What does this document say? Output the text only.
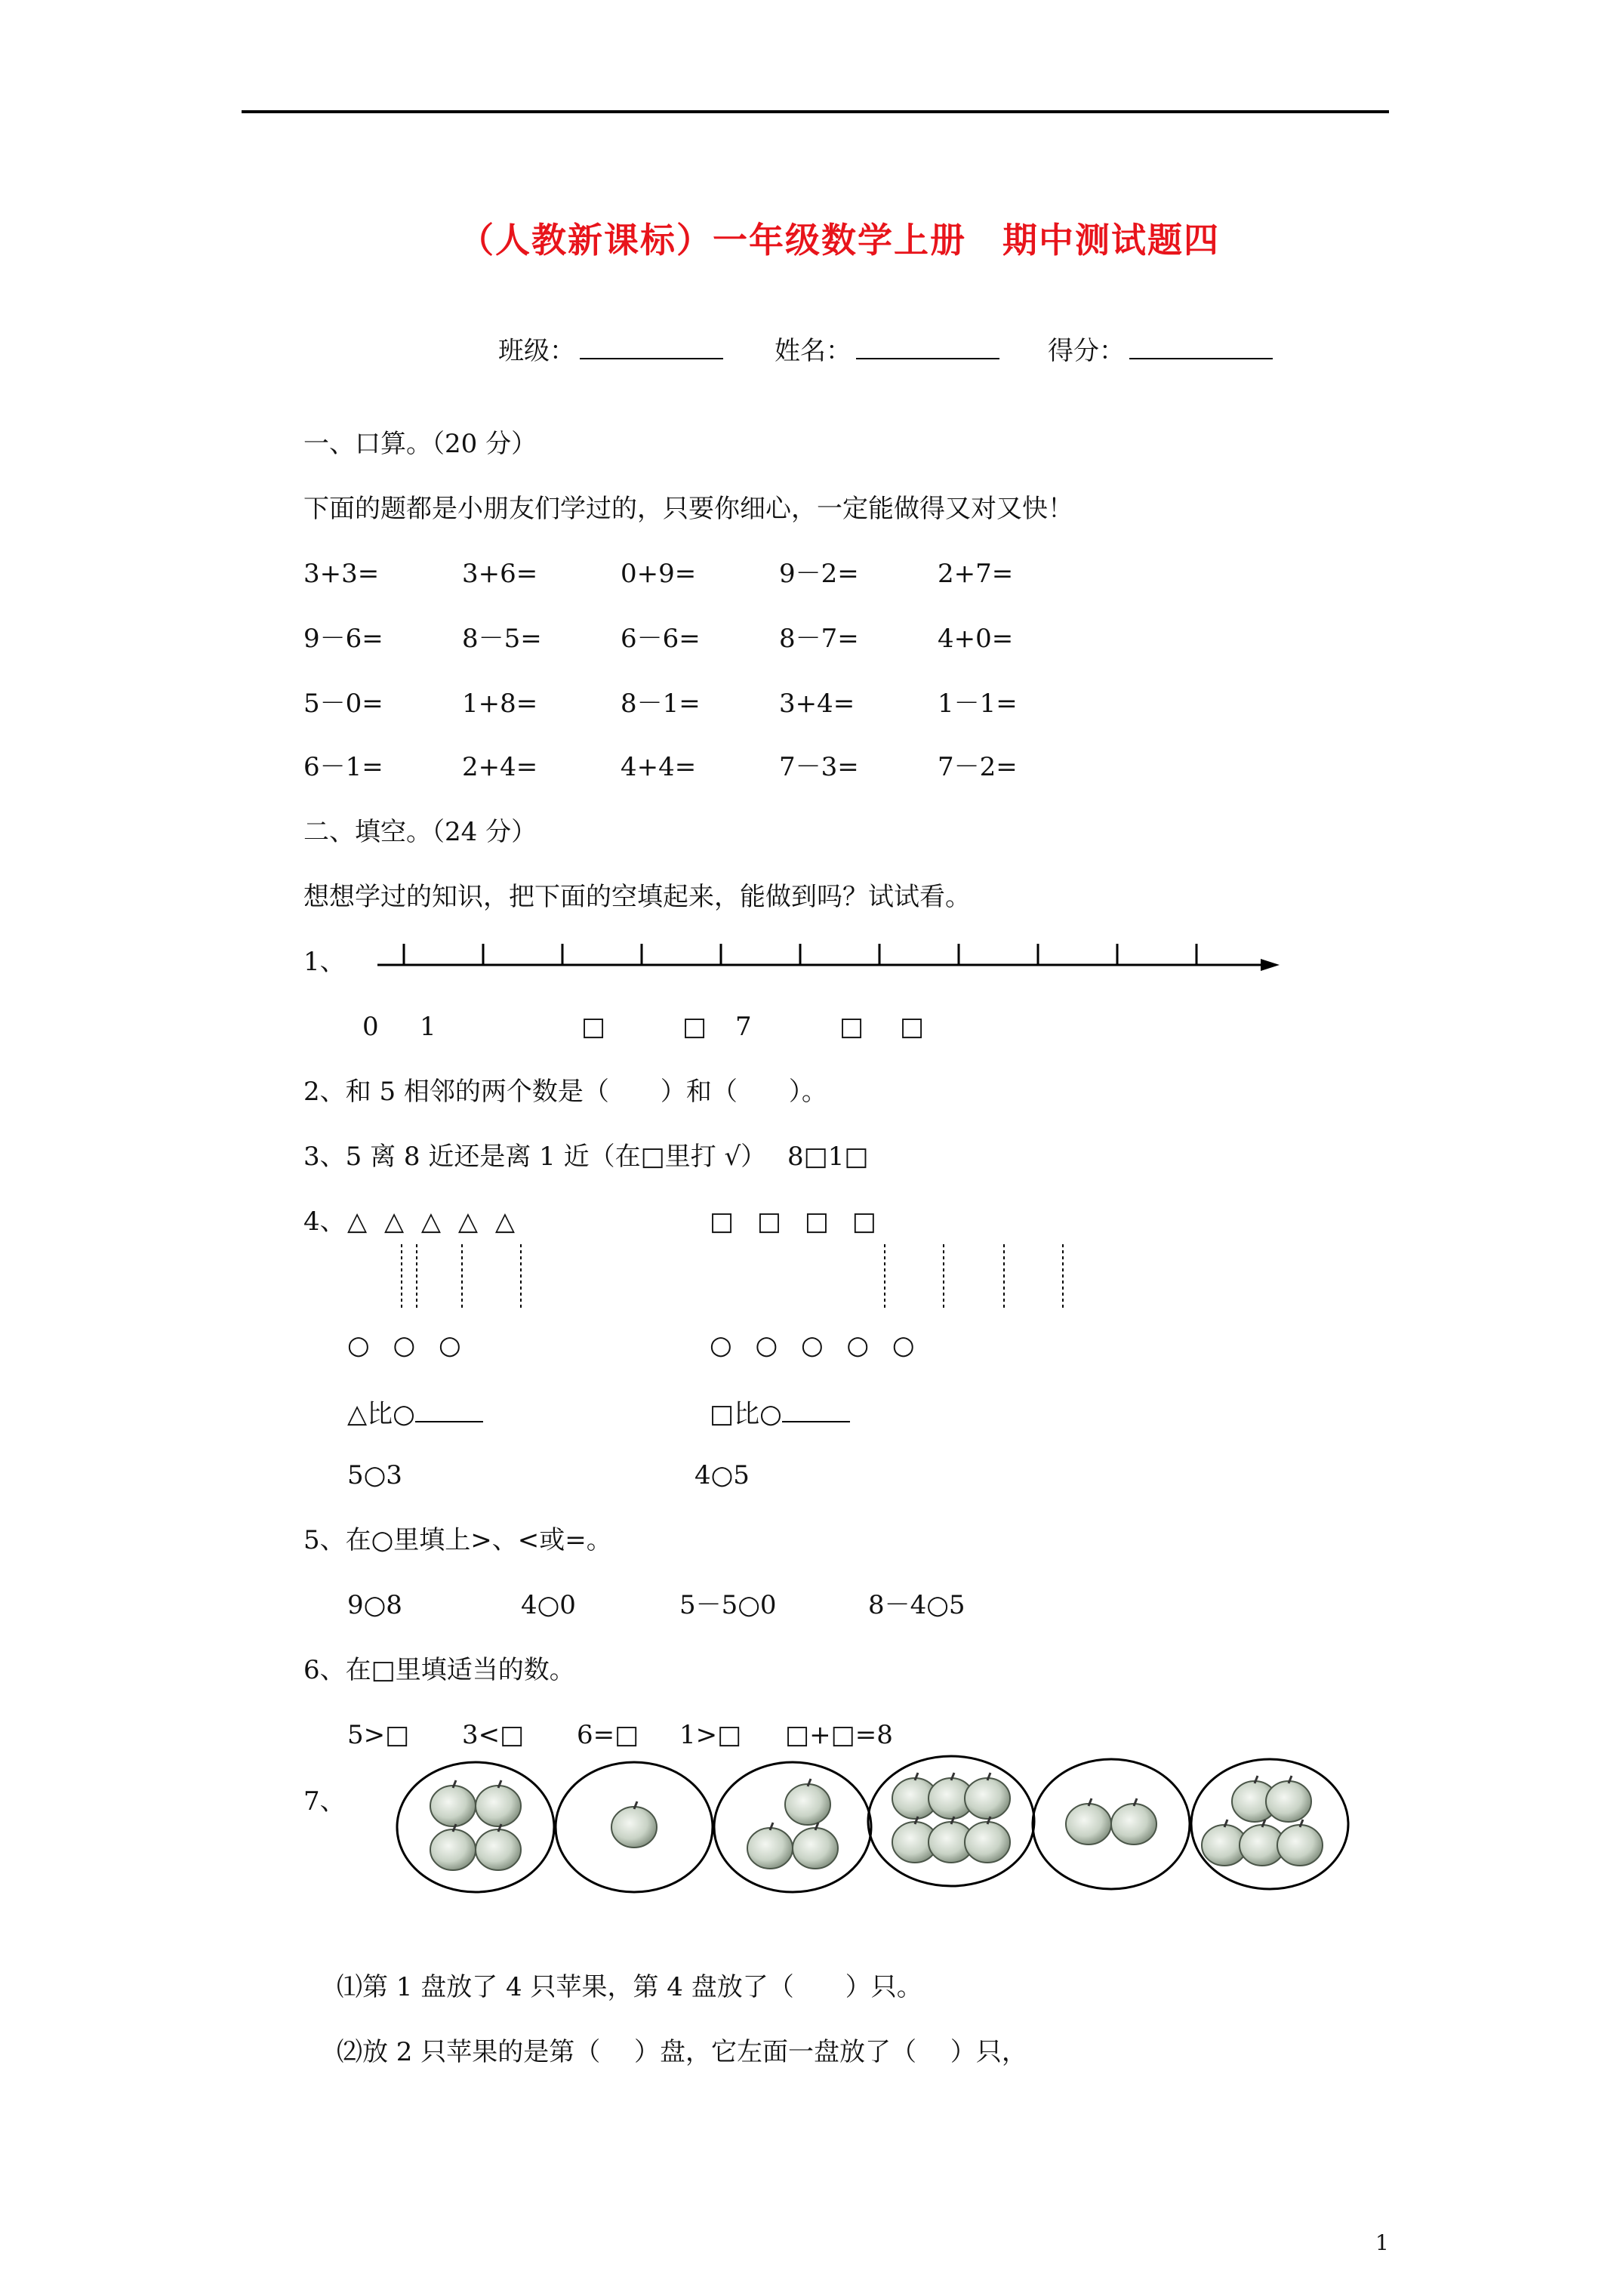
（人教新课标）一年级数学上册　期中测试题四
班级：	姓名：	得分：
一、口算。（20 分）
下面的题都是小朋友们学过的，只要你细心，一定能做得又对又快！
3+3=	3+6=	0+9=	9－2=	2+7=
9－6=	8－5=	6－6=	8－7=	4+0=
5－0=	1+8=	8－1=	3+4=	1－1=
6－1=	2+4=	4+4=	7－3=	7－2=
二、填空。（24 分）
想想学过的知识，把下面的空填起来，能做到吗？试试看。
1、
0 1	□	□ 7	□ □
2、和 5 相邻的两个数是（　　）和（　　）。
3、5 离 8 近还是离 1 近（在□里打 √）　 8□1□
4、 △ △ △ △ △	□ □ □ □
○ ○ ○	○ ○ ○ ○ ○
△比○	□比○
5○3	4○5
5、在○里填上>、<或=。
9○8	4○0	5－5○0	8－4○5
6、在□里填适当的数。
5>□ 3<□ 6=□ 1>□ □+□=8
7、
⑴第 1 盘放了 4 只苹果，第 4 盘放了（　　）只。
⑵放 2 只苹果的是第（　 ）盘，它左面一盘放了（　 ）只，
1
